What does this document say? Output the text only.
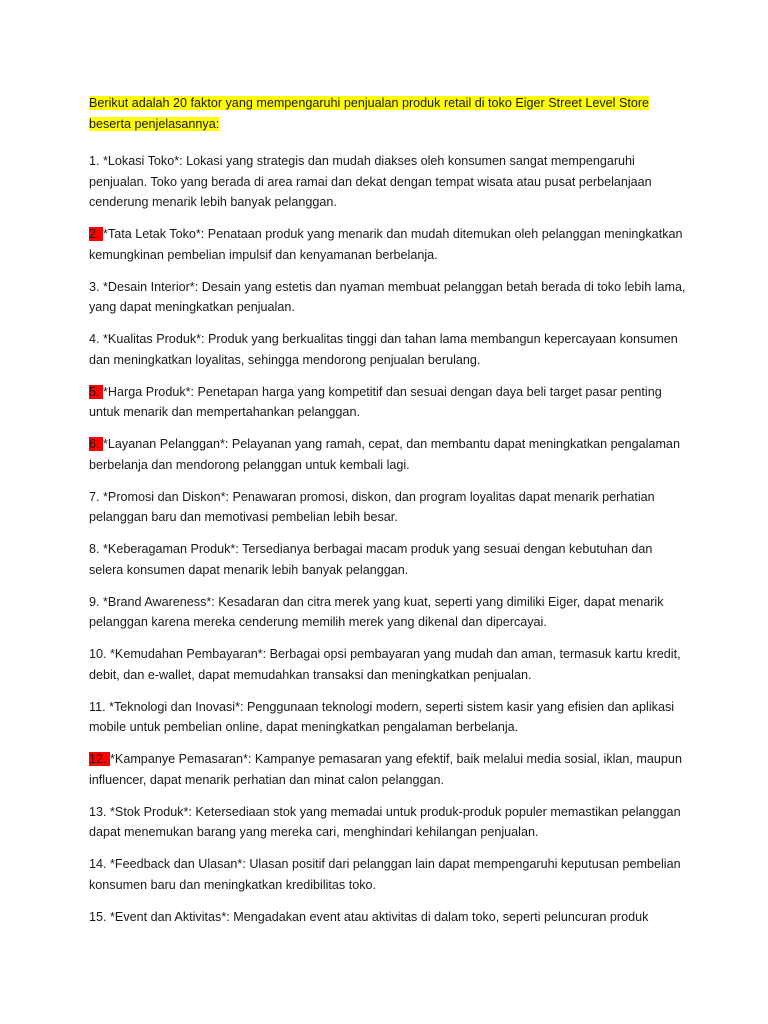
Berikut adalah 20 faktor yang mempengaruhi penjualan produk retail di toko Eiger Street Level Store beserta penjelasannya:

1. *Lokasi Toko*: Lokasi yang strategis dan mudah diakses oleh konsumen sangat mempengaruhi penjualan. Toko yang berada di area ramai dan dekat dengan tempat wisata atau pusat perbelanjaan cenderung menarik lebih banyak pelanggan.

2. *Tata Letak Toko*: Penataan produk yang menarik dan mudah ditemukan oleh pelanggan meningkatkan kemungkinan pembelian impulsif dan kenyamanan berbelanja.

3. *Desain Interior*: Desain yang estetis dan nyaman membuat pelanggan betah berada di toko lebih lama, yang dapat meningkatkan penjualan.

4. *Kualitas Produk*: Produk yang berkualitas tinggi dan tahan lama membangun kepercayaan konsumen dan meningkatkan loyalitas, sehingga mendorong penjualan berulang.

5. *Harga Produk*: Penetapan harga yang kompetitif dan sesuai dengan daya beli target pasar penting untuk menarik dan mempertahankan pelanggan.

6. *Layanan Pelanggan*: Pelayanan yang ramah, cepat, dan membantu dapat meningkatkan pengalaman berbelanja dan mendorong pelanggan untuk kembali lagi.

7. *Promosi dan Diskon*: Penawaran promosi, diskon, dan program loyalitas dapat menarik perhatian pelanggan baru dan memotivasi pembelian lebih besar.

8. *Keberagaman Produk*: Tersedianya berbagai macam produk yang sesuai dengan kebutuhan dan selera konsumen dapat menarik lebih banyak pelanggan.

9. *Brand Awareness*: Kesadaran dan citra merek yang kuat, seperti yang dimiliki Eiger, dapat menarik pelanggan karena mereka cenderung memilih merek yang dikenal dan dipercayai.

10. *Kemudahan Pembayaran*: Berbagai opsi pembayaran yang mudah dan aman, termasuk kartu kredit, debit, dan e-wallet, dapat memudahkan transaksi dan meningkatkan penjualan.

11. *Teknologi dan Inovasi*: Penggunaan teknologi modern, seperti sistem kasir yang efisien dan aplikasi mobile untuk pembelian online, dapat meningkatkan pengalaman berbelanja.

12. *Kampanye Pemasaran*: Kampanye pemasaran yang efektif, baik melalui media sosial, iklan, maupun influencer, dapat menarik perhatian dan minat calon pelanggan.

13. *Stok Produk*: Ketersediaan stok yang memadai untuk produk-produk populer memastikan pelanggan dapat menemukan barang yang mereka cari, menghindari kehilangan penjualan.

14. *Feedback dan Ulasan*: Ulasan positif dari pelanggan lain dapat mempengaruhi keputusan pembelian konsumen baru dan meningkatkan kredibilitas toko.

15. *Event dan Aktivitas*: Mengadakan event atau aktivitas di dalam toko, seperti peluncuran produk
